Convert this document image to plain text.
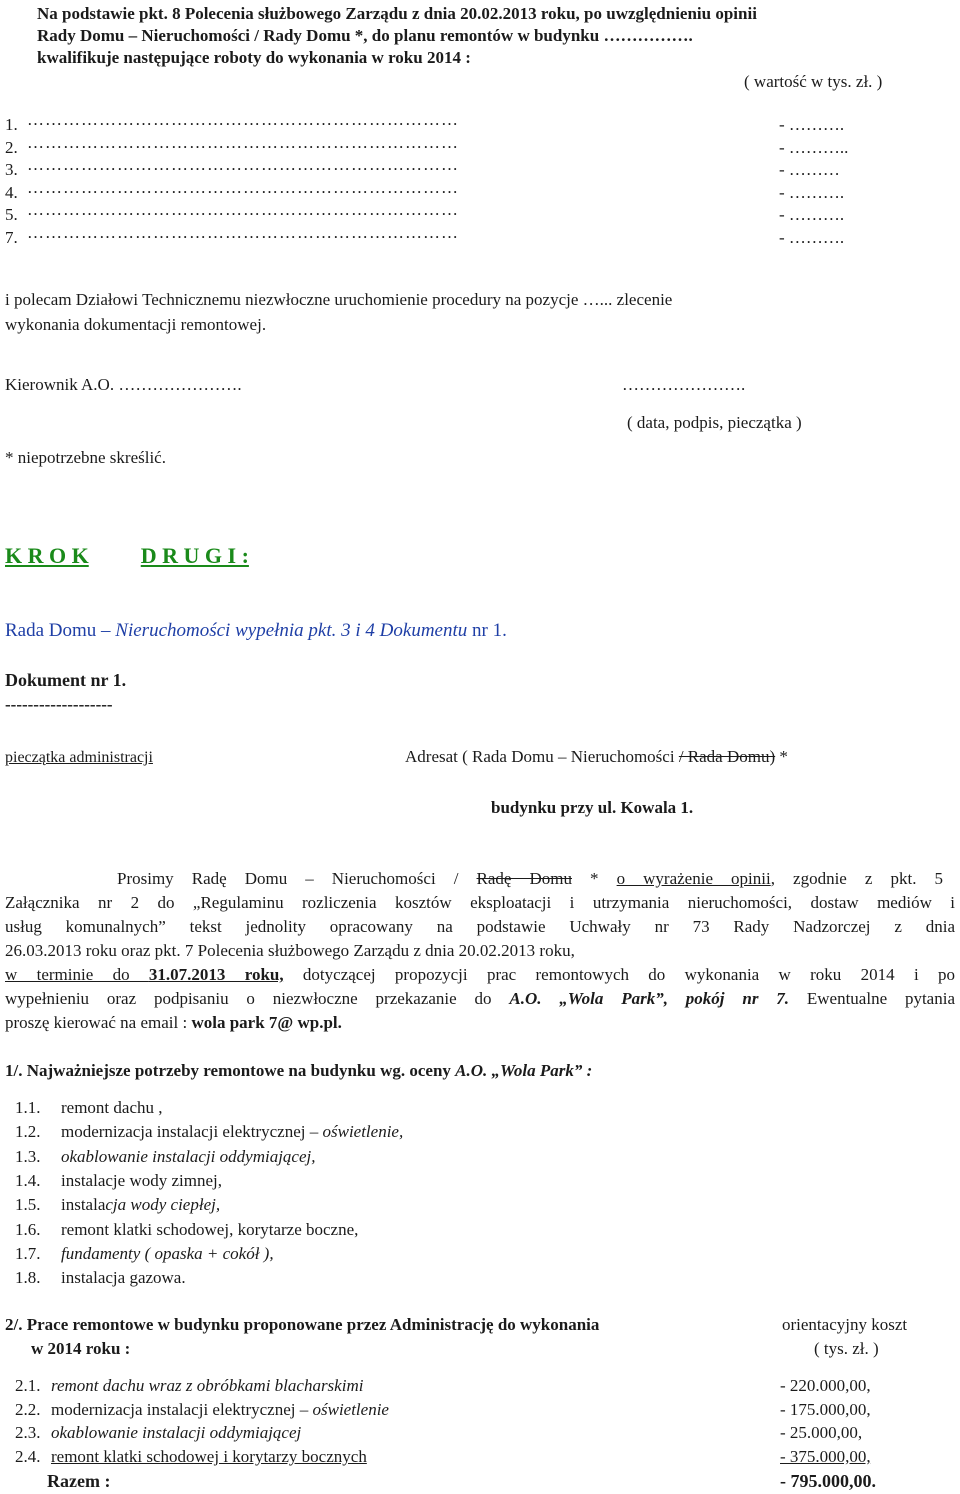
Na podstawie pkt. 8 Polecenia służbowego Zarządu z dnia 20.02.2013 roku, po uwzględnieniu opinii
Rady Domu – Nieruchomości / Rady Domu *, do planu remontów w budynku …………….
kwalifikuje następujące roboty do wykonania w roku 2014 :
( wartość w tys. zł. )
1. ………………………………………………………………	- ……….
2. ………………………………………………………………	- ………..
3. ………………………………………………………………	- ………
4. ………………………………………………………………	- ……….
5. ………………………………………………………………	- ……….
7. ………………………………………………………………	- ……….
i polecam Działowi Technicznemu niezwłoczne uruchomienie procedury na pozycje …... zlecenie
wykonania dokumentacji remontowej.
Kierownik A.O. ………………….	………………….
( data, podpis, pieczątka )
* niepotrzebne skreślić.
K R O K D R U G I :
Rada Domu – Nieruchomości wypełnia pkt. 3 i 4 Dokumentu nr 1.
Dokument nr 1.
-------------------
pieczątka administracji	Adresat ( Rada Domu – Nieruchomości / Rada Domu) *
budynku przy ul. Kowala 1.
Prosimy Radę Domu – Nieruchomości / Radę Domu * o wyrażenie opinii, zgodnie z pkt. 5
Załącznika nr 2 do „Regulaminu rozliczenia kosztów eksploatacji i utrzymania nieruchomości, dostaw mediów i
usług komunalnych” tekst jednolity opracowany na podstawie Uchwały nr 73 Rady Nadzorczej z dnia
26.03.2013 roku oraz pkt. 7 Polecenia służbowego Zarządu z dnia 20.02.2013 roku,
w terminie do 31.07.2013 roku, dotyczącej propozycji prac remontowych do wykonania w roku 2014 i po
wypełnieniu oraz podpisaniu o niezwłoczne przekazanie do A.O. „Wola Park”, pokój nr 7. Ewentualne pytania
proszę kierować na email : wola park 7@ wp.pl.
1/. Najważniejsze potrzeby remontowe na budynku wg. oceny A.O. „Wola Park” :
1.1. remont dachu ,
1.2. modernizacja instalacji elektrycznej – oświetlenie,
1.3. okablowanie instalacji oddymiającej,
1.4. instalacje wody zimnej,
1.5. instalacja wody ciepłej,
1.6. remont klatki schodowej, korytarze boczne,
1.7. fundamenty ( opaska + cokół ),
1.8. instalacja gazowa.
2/. Prace remontowe w budynku proponowane przez Administrację do wykonania
w 2014 roku :
orientacyjny koszt
( tys. zł. )
2.1. remont dachu wraz z obróbkami blacharskimi	- 220.000,00,
2.2. modernizacja instalacji elektrycznej – oświetlenie	- 175.000,00,
2.3. okablowanie instalacji oddymiającej	- 25.000,00,
2.4. remont klatki schodowej i korytarzy bocznych	- 375.000,00,
Razem :	- 795.000,00.
